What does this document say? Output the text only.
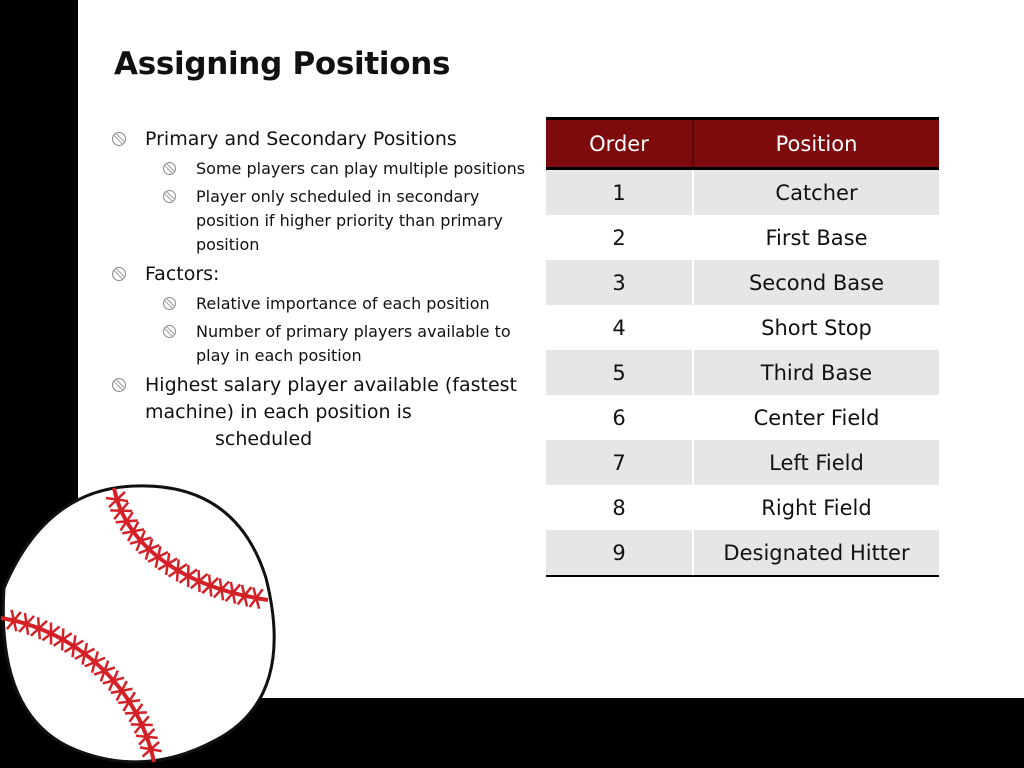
Assigning Positions
Primary and Secondary Positions
Some players can play multiple positions
Player only scheduled in secondary position if higher priority than primary position
Factors:
Relative importance of each position
Number of primary players available to play in each position
Highest salary player available (fastest machine) in each position is
scheduled
Order	Position
1	Catcher
2	First Base
3	Second Base
4	Short Stop
5	Third Base
6	Center Field
7	Left Field
8	Right Field
9	Designated Hitter
